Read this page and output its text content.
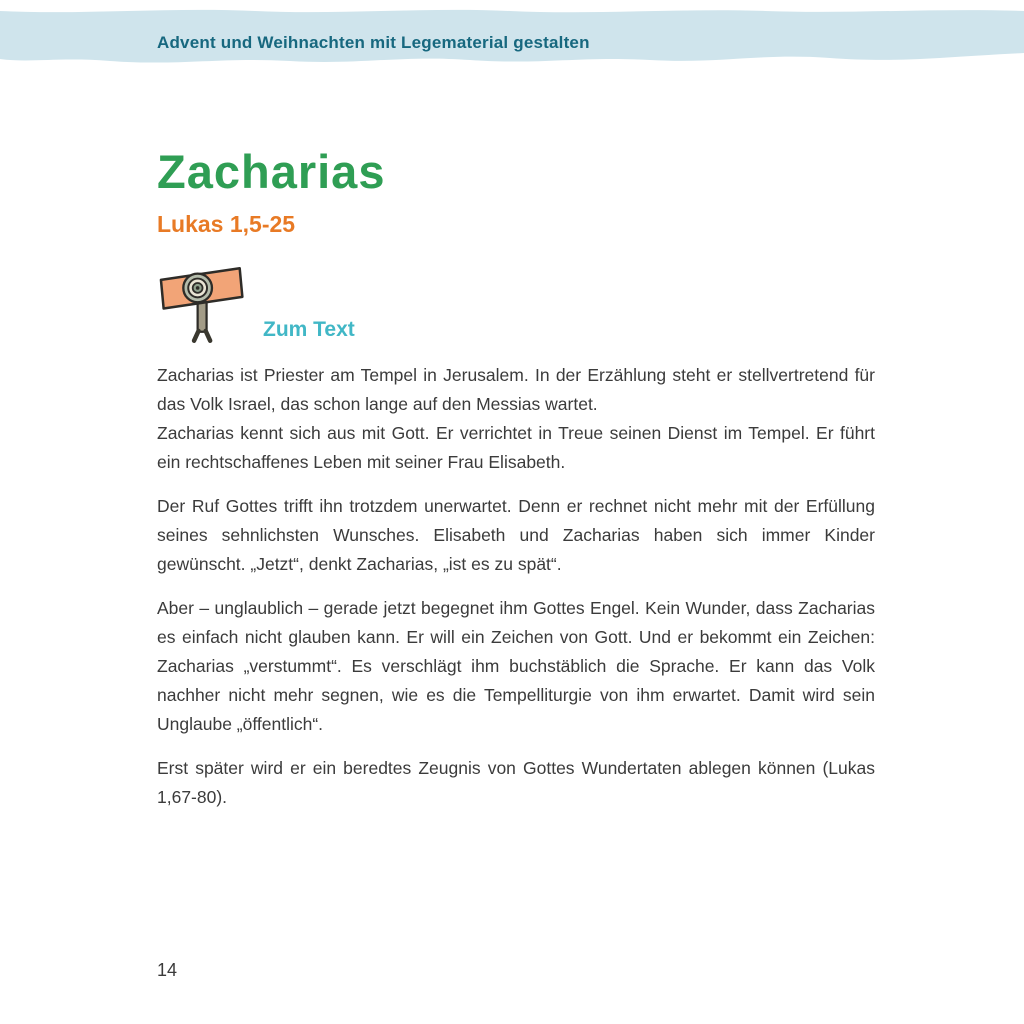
Advent und Weihnachten mit Legematerial gestalten
Zacharias
Lukas 1,5-25
Zum Text

Zacharias ist Priester am Tempel in Jerusalem. In der Erzählung steht er stellvertretend für das Volk Israel, das schon lange auf den Messias wartet.

Zacharias kennt sich aus mit Gott. Er verrichtet in Treue seinen Dienst im Tempel. Er führt ein rechtschaffenes Leben mit seiner Frau Elisabeth.

Der Ruf Gottes trifft ihn trotzdem unerwartet. Denn er rechnet nicht mehr mit der Erfüllung seines sehnlichsten Wunsches. Elisabeth und Zacharias haben sich immer Kinder gewünscht. „Jetzt“, denkt Zacharias, „ist es zu spät“.

Aber – unglaublich – gerade jetzt begegnet ihm Gottes Engel. Kein Wunder, dass Zacharias es einfach nicht glauben kann. Er will ein Zeichen von Gott. Und er bekommt ein Zeichen: Zacharias „verstummt“. Es verschlägt ihm buchstäblich die Sprache. Er kann das Volk nachher nicht mehr segnen, wie es die Tempelliturgie von ihm erwartet. Damit wird sein Unglaube „öffentlich“.

Erst später wird er ein beredtes Zeugnis von Gottes Wundertaten ablegen können (Lukas 1,67-80).

14
